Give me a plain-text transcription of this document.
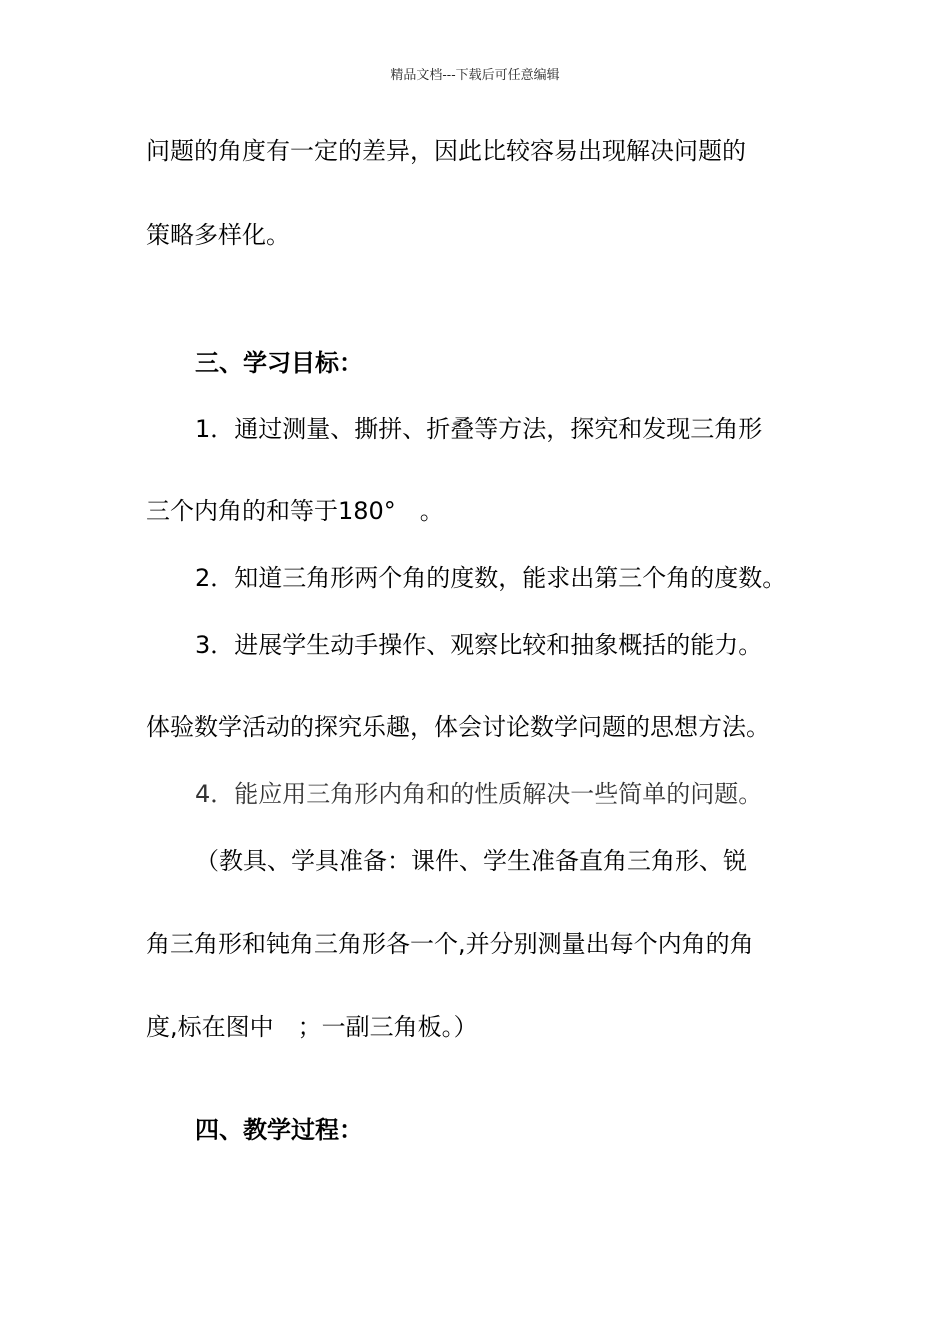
精品文档---下载后可任意编辑
问题的角度有一定的差异，因此比较容易出现解决问题的
策略多样化。
三、学习目标：
1．通过测量、撕拼、折叠等方法，探究和发现三角形
三个内角的和等于180°　。
2．知道三角形两个角的度数，能求出第三个角的度数。
3．进展学生动手操作、观察比较和抽象概括的能力。
体验数学活动的探究乐趣，体会讨论数学问题的思想方法。
4．能应用三角形内角和的性质解决一些简单的问题。
（教具、学具准备：课件、学生准备直角三角形、锐
角三角形和钝角三角形各一个,并分别测量出每个内角的角
度,标在图中　；一副三角板。）
四、教学过程：
